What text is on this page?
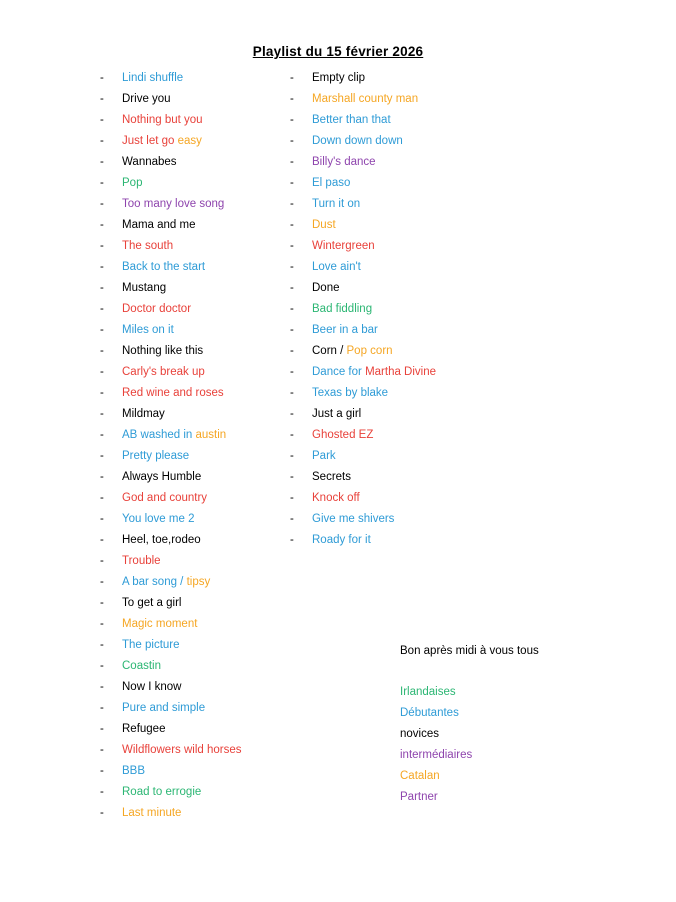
Playlist du 15 février 2026
-	Lindi shuffle
-	Drive you
-	Nothing but you
-	Just let go easy
-	Wannabes
-	Pop
-	Too many love song
-	Mama and me
-	The south
-	Back to the start
-	Mustang
-	Doctor doctor
-	Miles on it
-	Nothing like this
-	Carly's break up
-	Red wine and roses
-	Mildmay
-	AB washed in austin
-	Pretty please
-	Always Humble
-	God and country
-	You love me 2
-	Heel, toe,rodeo
-	Trouble
-	A bar song / tipsy
-	To get a girl
-	Magic moment
-	The picture
-	Coastin
-	Now I know
-	Pure and simple
-	Refugee
-	Wildflowers wild horses
-	BBB
-	Road to errogie
-	Last minute
-	Empty clip
-	Marshall county man
-	Better than that
-	Down down down
-	Billy's dance
-	El paso
-	Turn it on
-	Dust
-	Wintergreen
-	Love ain't
-	Done
-	Bad fiddling
-	Beer in a bar
-	Corn / Pop corn
-	Dance for Martha Divine
-	Texas by blake
-	Just a girl
-	Ghosted EZ
-	Park
-	Secrets
-	Knock off
-	Give me shivers
-	Roady for it
Bon après midi à vous tous
Irlandaises
Débutantes
novices
intermédiaires
Catalan
Partner
